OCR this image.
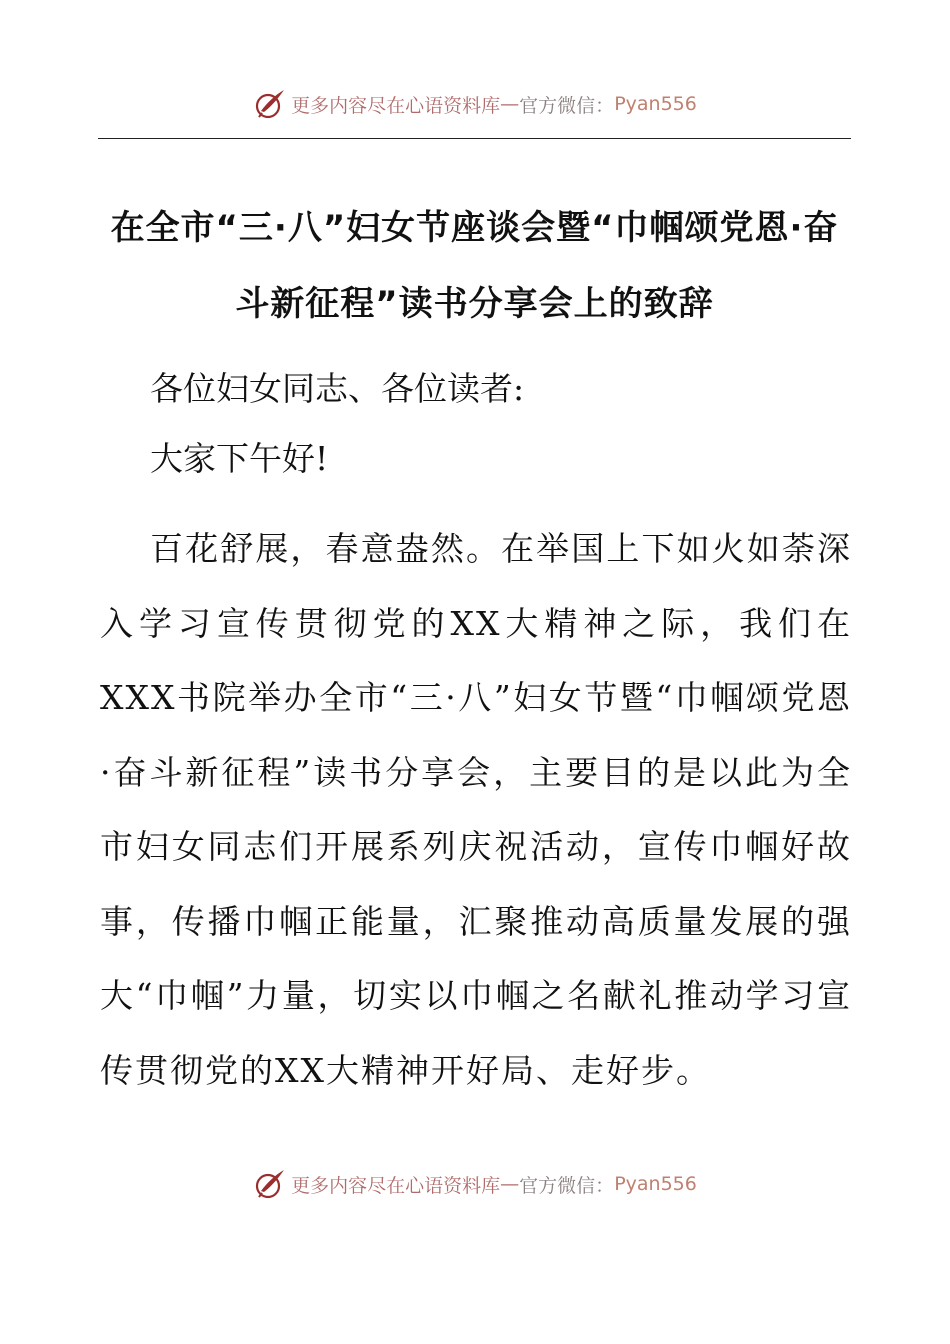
更多内容尽在心语资料库 — 官方微信： Pyan556
在全市“三·八”妇女节座谈会暨“巾帼颂党恩·奋斗新征程”读书分享会上的致辞
各位妇女同志、各位读者:
大家下午好!
百花舒展，春意盎然。在举国上下如火如荼深入学习宣传贯彻党的XX大精神之际，我们在XXX书院举办全市“三·八”妇女节暨“巾帼颂党恩·奋斗新征程”读书分享会，主要目的是以此为全市妇女同志们开展系列庆祝活动，宣传巾帼好故事，传播巾帼正能量，汇聚推动高质量发展的强大“巾帼”力量，切实以巾帼之名献礼推动学习宣传贯彻党的XX大精神开好局、走好步。
更多内容尽在心语资料库 — 官方微信： Pyan556
